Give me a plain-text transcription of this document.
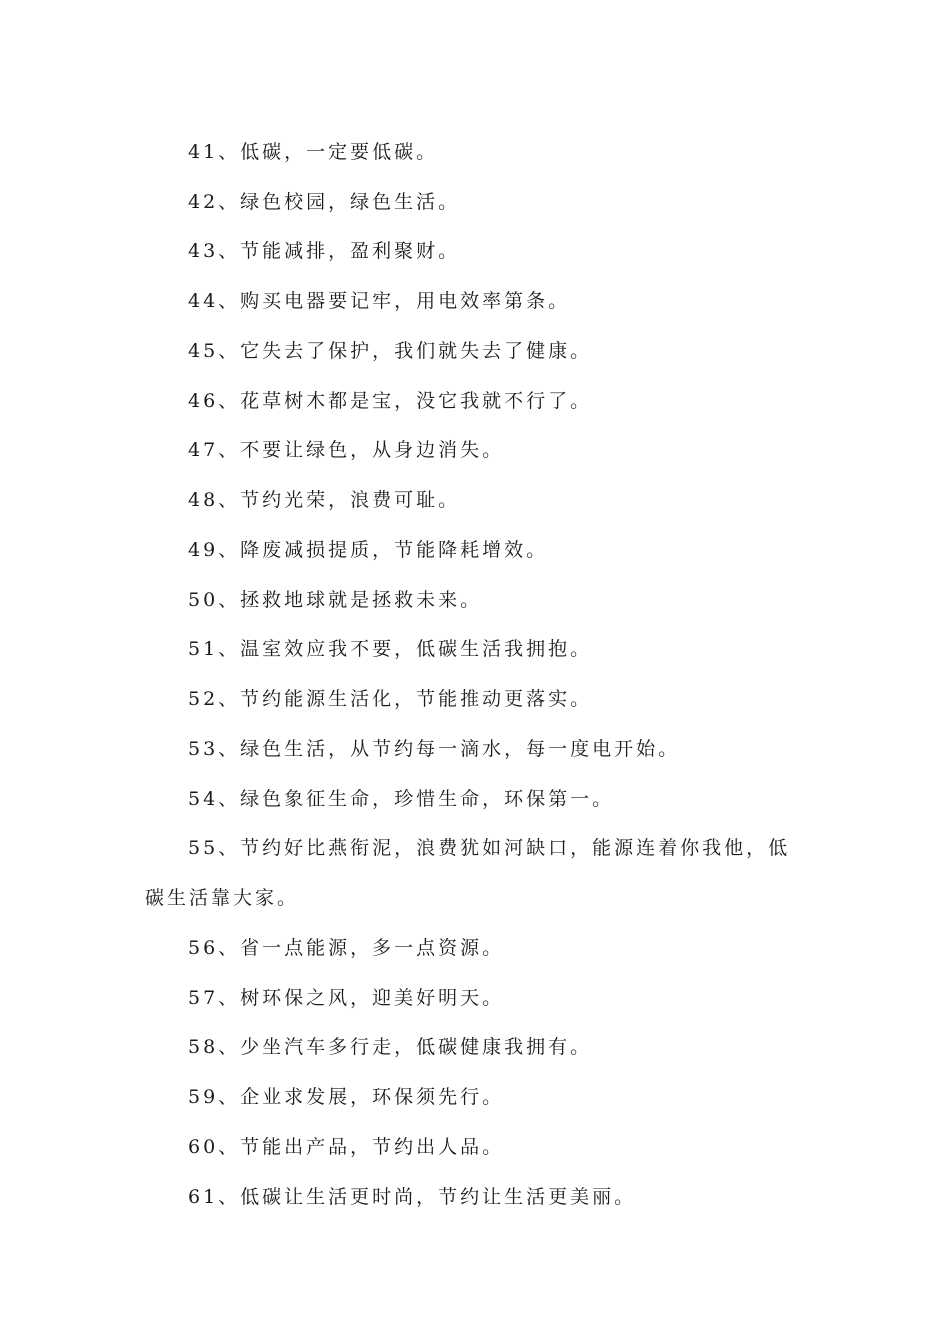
41、低碳，一定要低碳。
42、绿色校园，绿色生活。
43、节能减排，盈利聚财。
44、购买电器要记牢，用电效率第条。
45、它失去了保护，我们就失去了健康。
46、花草树木都是宝，没它我就不行了。
47、不要让绿色，从身边消失。
48、节约光荣，浪费可耻。
49、降废减损提质，节能降耗增效。
50、拯救地球就是拯救未来。
51、温室效应我不要，低碳生活我拥抱。
52、节约能源生活化，节能推动更落实。
53、绿色生活，从节约每一滴水，每一度电开始。
54、绿色象征生命，珍惜生命，环保第一。
55、节约好比燕衔泥，浪费犹如河缺口，能源连着你我他，低
碳生活靠大家。
56、省一点能源，多一点资源。
57、树环保之风，迎美好明天。
58、少坐汽车多行走，低碳健康我拥有。
59、企业求发展，环保须先行。
60、节能出产品，节约出人品。
61、低碳让生活更时尚，节约让生活更美丽。
